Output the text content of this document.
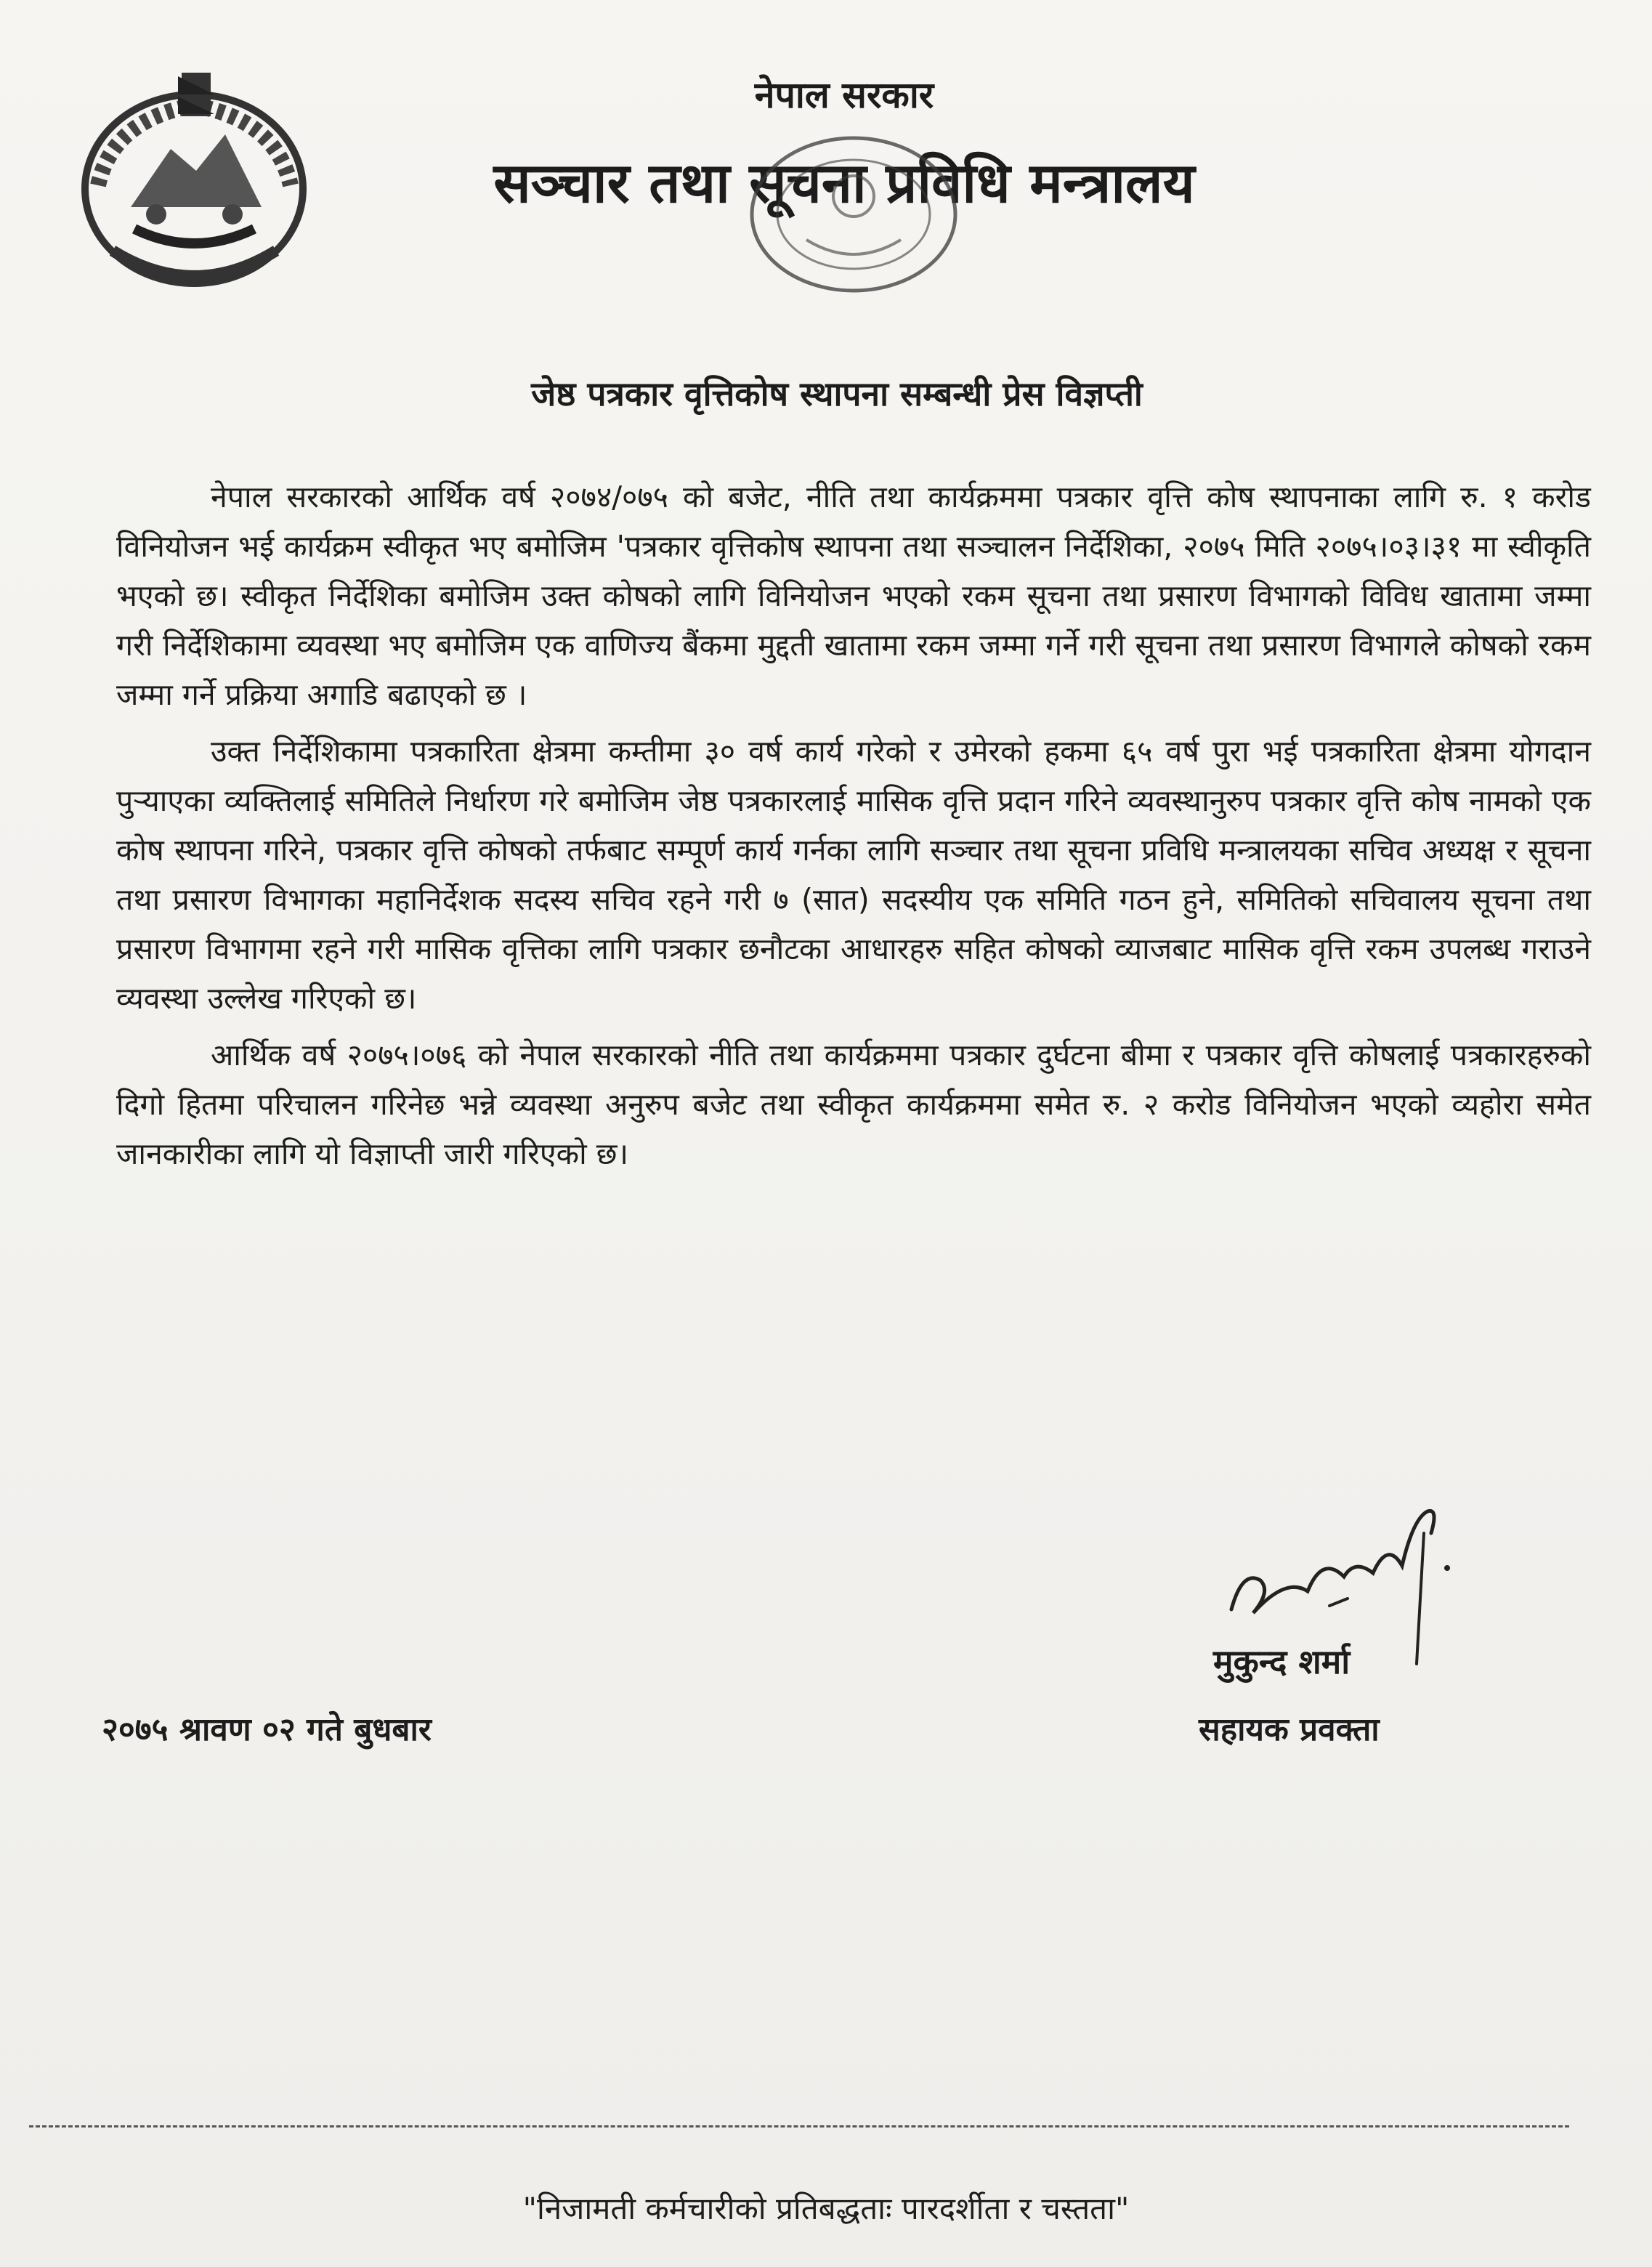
नेपाल सरकार
सञ्चार तथा सूचना प्रविधि मन्त्रालय
जेष्ठ पत्रकार वृत्तिकोष स्थापना सम्बन्धी प्रेस विज्ञप्ती

नेपाल सरकारको आर्थिक वर्ष २०७४/०७५ को बजेट, नीति तथा कार्यक्रममा पत्रकार वृत्ति कोष स्थापनाका लागि रु. १ करोड विनियोजन भई कार्यक्रम स्वीकृत भए बमोजिम 'पत्रकार वृत्तिकोष स्थापना तथा सञ्चालन निर्देशिका, २०७५ मिति २०७५।०३।३१ मा स्वीकृति भएको छ। स्वीकृत निर्देशिका बमोजिम उक्त कोषको लागि विनियोजन भएको रकम सूचना तथा प्रसारण विभागको विविध खातामा जम्मा गरी निर्देशिकामा व्यवस्था भए बमोजिम एक वाणिज्य बैंकमा मुद्दती खातामा रकम जम्मा गर्ने गरी सूचना तथा प्रसारण विभागले कोषको रकम जम्मा गर्ने प्रक्रिया अगाडि बढाएको छ ।

उक्त निर्देशिकामा पत्रकारिता क्षेत्रमा कम्तीमा ३० वर्ष कार्य गरेको र उमेरको हकमा ६५ वर्ष पुरा भई पत्रकारिता क्षेत्रमा योगदान पुऱ्याएका व्यक्तिलाई समितिले निर्धारण गरे बमोजिम जेष्ठ पत्रकारलाई मासिक वृत्ति प्रदान गरिने व्यवस्थानुरुप पत्रकार वृत्ति कोष नामको एक कोष स्थापना गरिने, पत्रकार वृत्ति कोषको तर्फबाट सम्पूर्ण कार्य गर्नका लागि सञ्चार तथा सूचना प्रविधि मन्त्रालयका सचिव अध्यक्ष र सूचना तथा प्रसारण विभागका महानिर्देशक सदस्य सचिव रहने गरी ७ (सात) सदस्यीय एक समिति गठन हुने, समितिको सचिवालय सूचना तथा प्रसारण विभागमा रहने गरी मासिक वृत्तिका लागि पत्रकार छनौटका आधारहरु सहित कोषको व्याजबाट मासिक वृत्ति रकम उपलब्ध गराउने व्यवस्था उल्लेख गरिएको छ।

आर्थिक वर्ष २०७५।०७६ को नेपाल सरकारको नीति तथा कार्यक्रममा पत्रकार दुर्घटना बीमा र पत्रकार वृत्ति कोषलाई पत्रकारहरुको दिगो हितमा परिचालन गरिनेछ भन्ने व्यवस्था अनुरुप बजेट तथा स्वीकृत कार्यक्रममा समेत रु. २ करोड विनियोजन भएको व्यहोरा समेत जानकारीका लागि यो विज्ञाप्ती जारी गरिएको छ।

मुकुन्द शर्मा
सहायक प्रवक्ता
२०७५ श्रावण ०२ गते बुधबार
"निजामती कर्मचारीको प्रतिबद्धताः पारदर्शीता र चस्तता"
